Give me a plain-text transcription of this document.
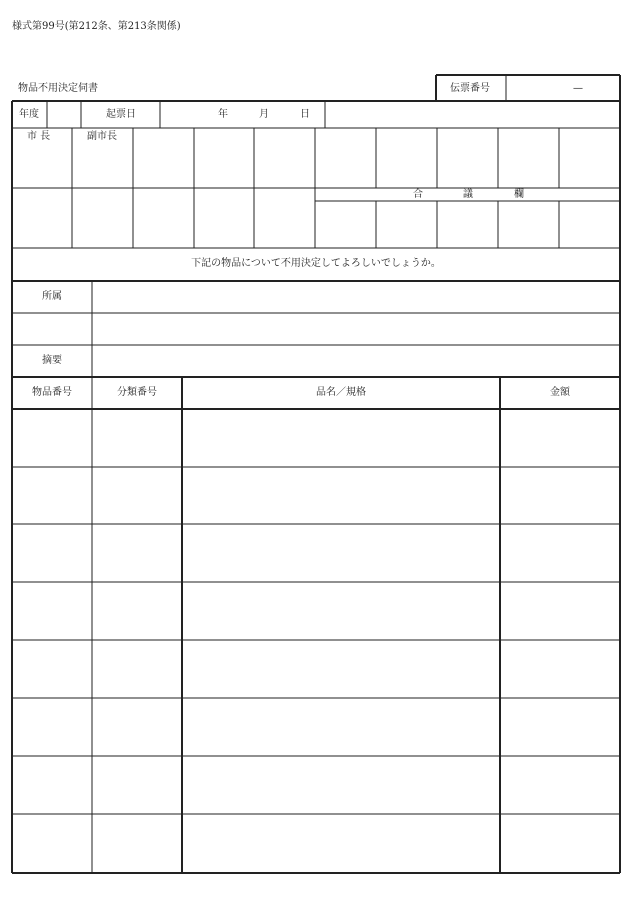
様式第99号(第212条、第213条関係)
物品不用決定伺書	伝票番号	—
年度	起票日	年	月	日
市 長	副市長
合	議	欄
下記の物品について不用決定してよろしいでしょうか。
所属
摘要
物品番号	分類番号	品名／規格	金額
